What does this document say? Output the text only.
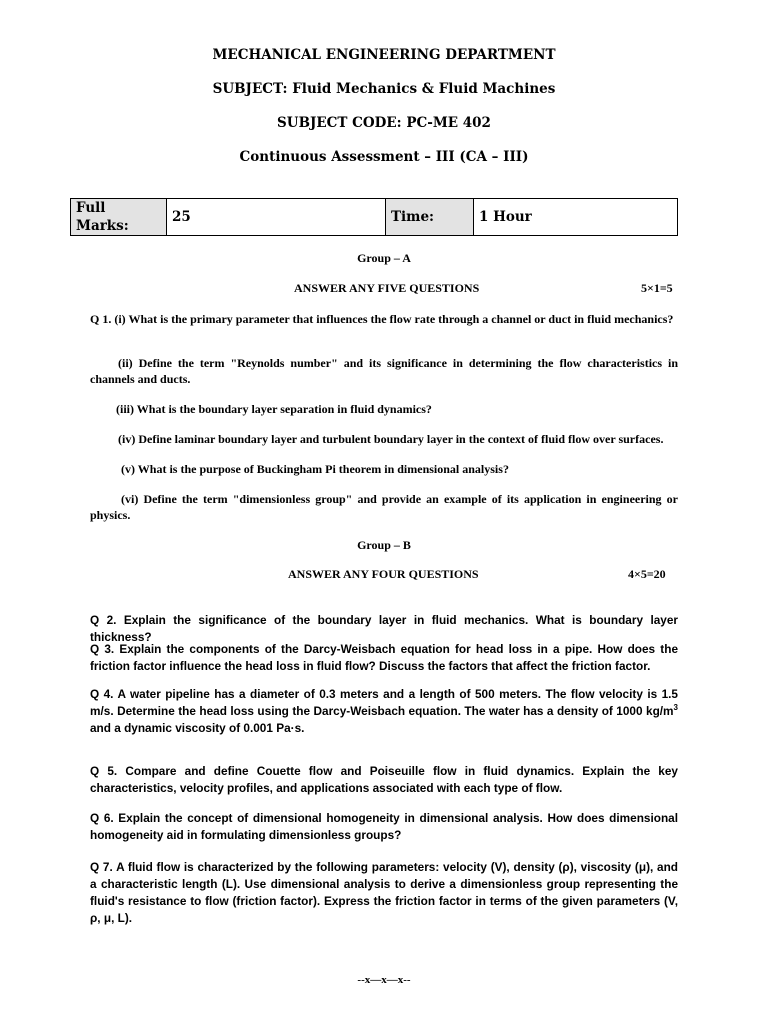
MECHANICAL ENGINEERING DEPARTMENT
SUBJECT: Fluid Mechanics & Fluid Machines
SUBJECT CODE: PC-ME 402
Continuous Assessment – III (CA – III)
Full Marks:	25	Time:	1 Hour
Group – A
ANSWER ANY FIVE QUESTIONS	5×1=5
Q 1. (i) What is the primary parameter that influences the flow rate through a channel or duct in fluid mechanics?
(ii) Define the term "Reynolds number" and its significance in determining the flow characteristics in channels and ducts.
(iii) What is the boundary layer separation in fluid dynamics?
(iv) Define laminar boundary layer and turbulent boundary layer in the context of fluid flow over surfaces.
(v) What is the purpose of Buckingham Pi theorem in dimensional analysis?
(vi) Define the term "dimensionless group" and provide an example of its application in engineering or physics.
Group – B
ANSWER ANY FOUR QUESTIONS	4×5=20
Q 2. Explain the significance of the boundary layer in fluid mechanics. What is boundary layer thickness?
Q 3. Explain the components of the Darcy-Weisbach equation for head loss in a pipe. How does the friction factor influence the head loss in fluid flow? Discuss the factors that affect the friction factor.
Q 4. A water pipeline has a diameter of 0.3 meters and a length of 500 meters. The flow velocity is 1.5 m/s. Determine the head loss using the Darcy-Weisbach equation. The water has a density of 1000 $kg/m^3$ and a dynamic viscosity of 0.001 Pa·s.
Q 5. Compare and define Couette flow and Poiseuille flow in fluid dynamics. Explain the key characteristics, velocity profiles, and applications associated with each type of flow.
Q 6. Explain the concept of dimensional homogeneity in dimensional analysis. How does dimensional homogeneity aid in formulating dimensionless groups?
Q 7. A fluid flow is characterized by the following parameters: velocity (V), density (ρ), viscosity (μ), and a characteristic length (L). Use dimensional analysis to derive a dimensionless group representing the fluid's resistance to flow (friction factor). Express the friction factor in terms of the given parameters (V, ρ, μ, L).
--x—x—x--
